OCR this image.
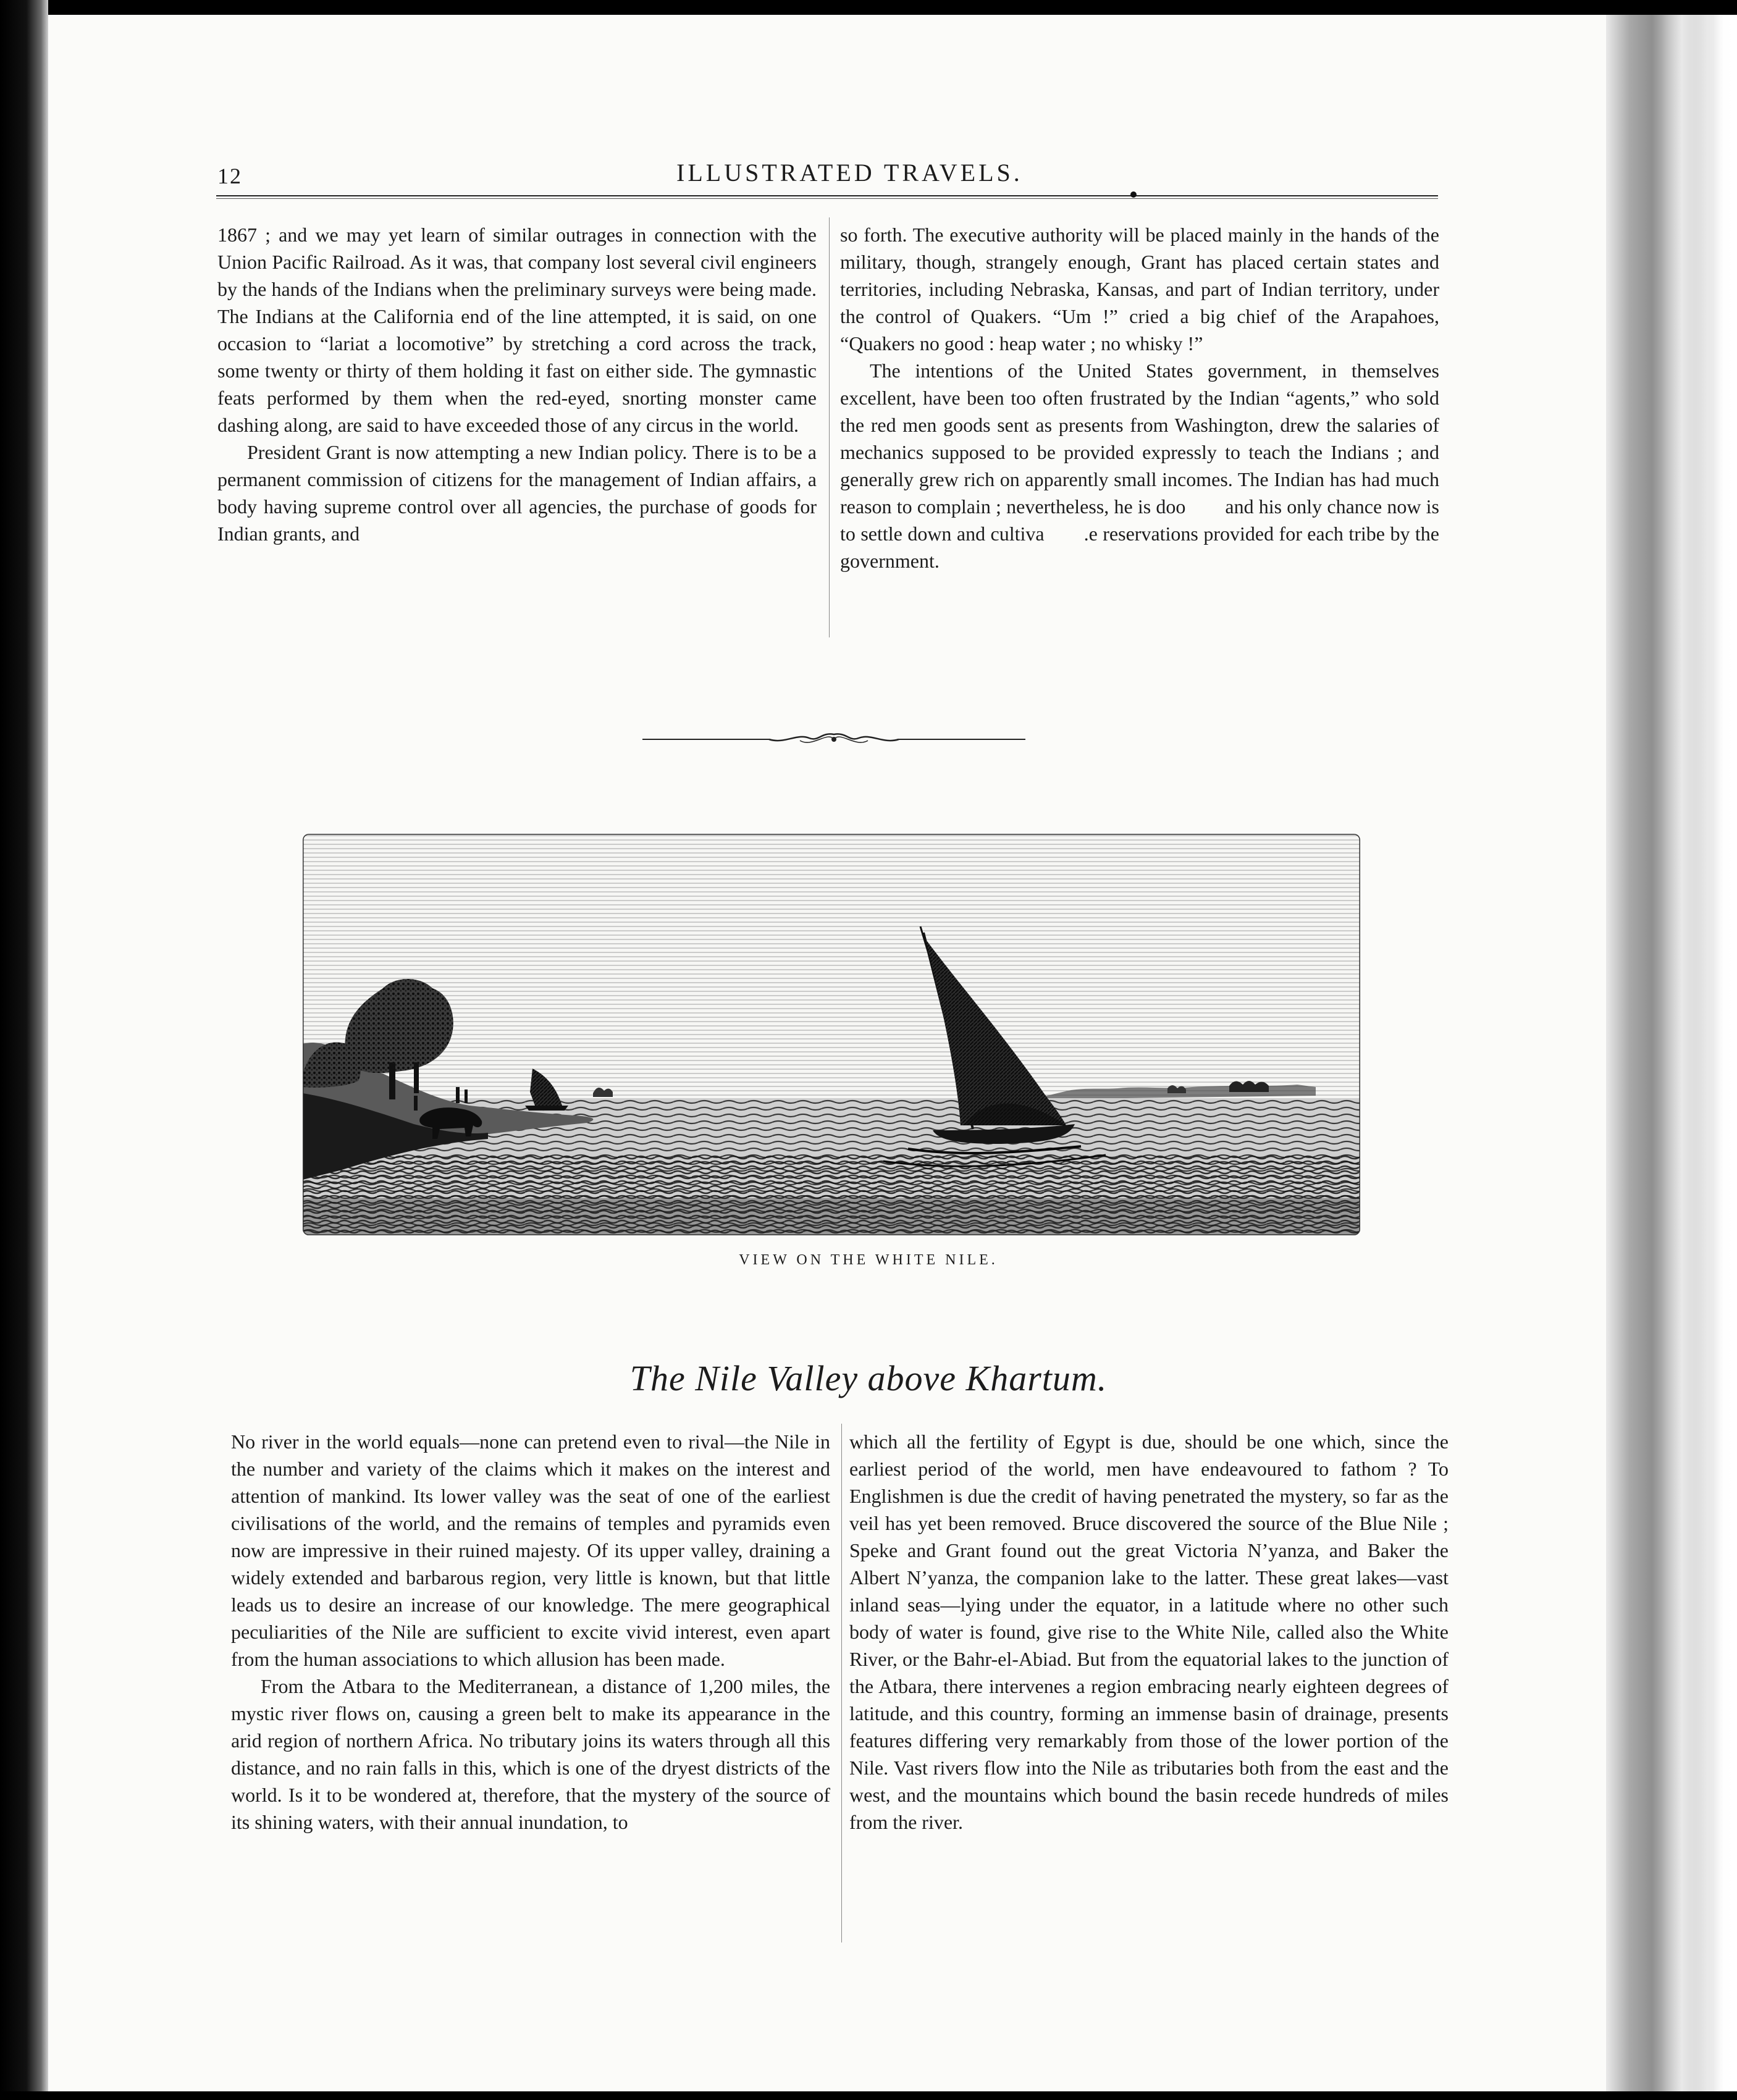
12	ILLUSTRATED TRAVELS.

1867 ; and we may yet learn of similar outrages in connection with the Union Pacific Railroad. As it was, that company lost several civil engineers by the hands of the Indians when the preliminary surveys were being made. The Indians at the California end of the line attempted, it is said, on one occasion to “lariat a locomotive” by stretching a cord across the track, some twenty or thirty of them holding it fast on either side. The gymnastic feats performed by them when the red-eyed, snorting monster came dashing along, are said to have exceeded those of any circus in the world.

President Grant is now attempting a new Indian policy. There is to be a permanent commission of citizens for the management of Indian affairs, a body having supreme control over all agencies, the purchase of goods for Indian grants, and

so forth. The executive authority will be placed mainly in the hands of the military, though, strangely enough, Grant has placed certain states and territories, including Nebraska, Kansas, and part of Indian territory, under the control of Quakers. “Um !” cried a big chief of the Arapahoes, “Quakers no good : heap water ; no whisky !”

The intentions of the United States government, in themselves excellent, have been too often frustrated by the Indian “agents,” who sold the red men goods sent as presents from Washington, drew the salaries of mechanics supposed to be provided expressly to teach the Indians ; and generally grew rich on apparently small incomes. The Indian has had much reason to complain ; nevertheless, he is doo  and his only chance now is to settle down and cultiva  .e reservations provided for each tribe by the government.

VIEW ON THE WHITE NILE.
The Nile Valley above Khartum.

No river in the world equals—none can pretend even to rival—the Nile in the number and variety of the claims which it makes on the interest and attention of mankind. Its lower valley was the seat of one of the earliest civilisations of the world, and the remains of temples and pyramids even now are impressive in their ruined majesty. Of its upper valley, draining a widely extended and barbarous region, very little is known, but that little leads us to desire an increase of our knowledge. The mere geographical peculiarities of the Nile are sufficient to excite vivid interest, even apart from the human associations to which allusion has been made.

From the Atbara to the Mediterranean, a distance of 1,200 miles, the mystic river flows on, causing a green belt to make its appearance in the arid region of northern Africa. No tributary joins its waters through all this distance, and no rain falls in this, which is one of the dryest districts of the world. Is it to be wondered at, therefore, that the mystery of the source of its shining waters, with their annual inundation, to

which all the fertility of Egypt is due, should be one which, since the earliest period of the world, men have endeavoured to fathom ? To Englishmen is due the credit of having penetrated the mystery, so far as the veil has yet been removed. Bruce discovered the source of the Blue Nile ; Speke and Grant found out the great Victoria N’yanza, and Baker the Albert N’yanza, the companion lake to the latter. These great lakes—vast inland seas—lying under the equator, in a latitude where no other such body of water is found, give rise to the White Nile, called also the White River, or the Bahr-el-Abiad. But from the equatorial lakes to the junction of the Atbara, there intervenes a region embracing nearly eighteen degrees of latitude, and this country, forming an immense basin of drainage, presents features differing very remarkably from those of the lower portion of the Nile. Vast rivers flow into the Nile as tributaries both from the east and the west, and the mountains which bound the basin recede hundreds of miles from the river.
